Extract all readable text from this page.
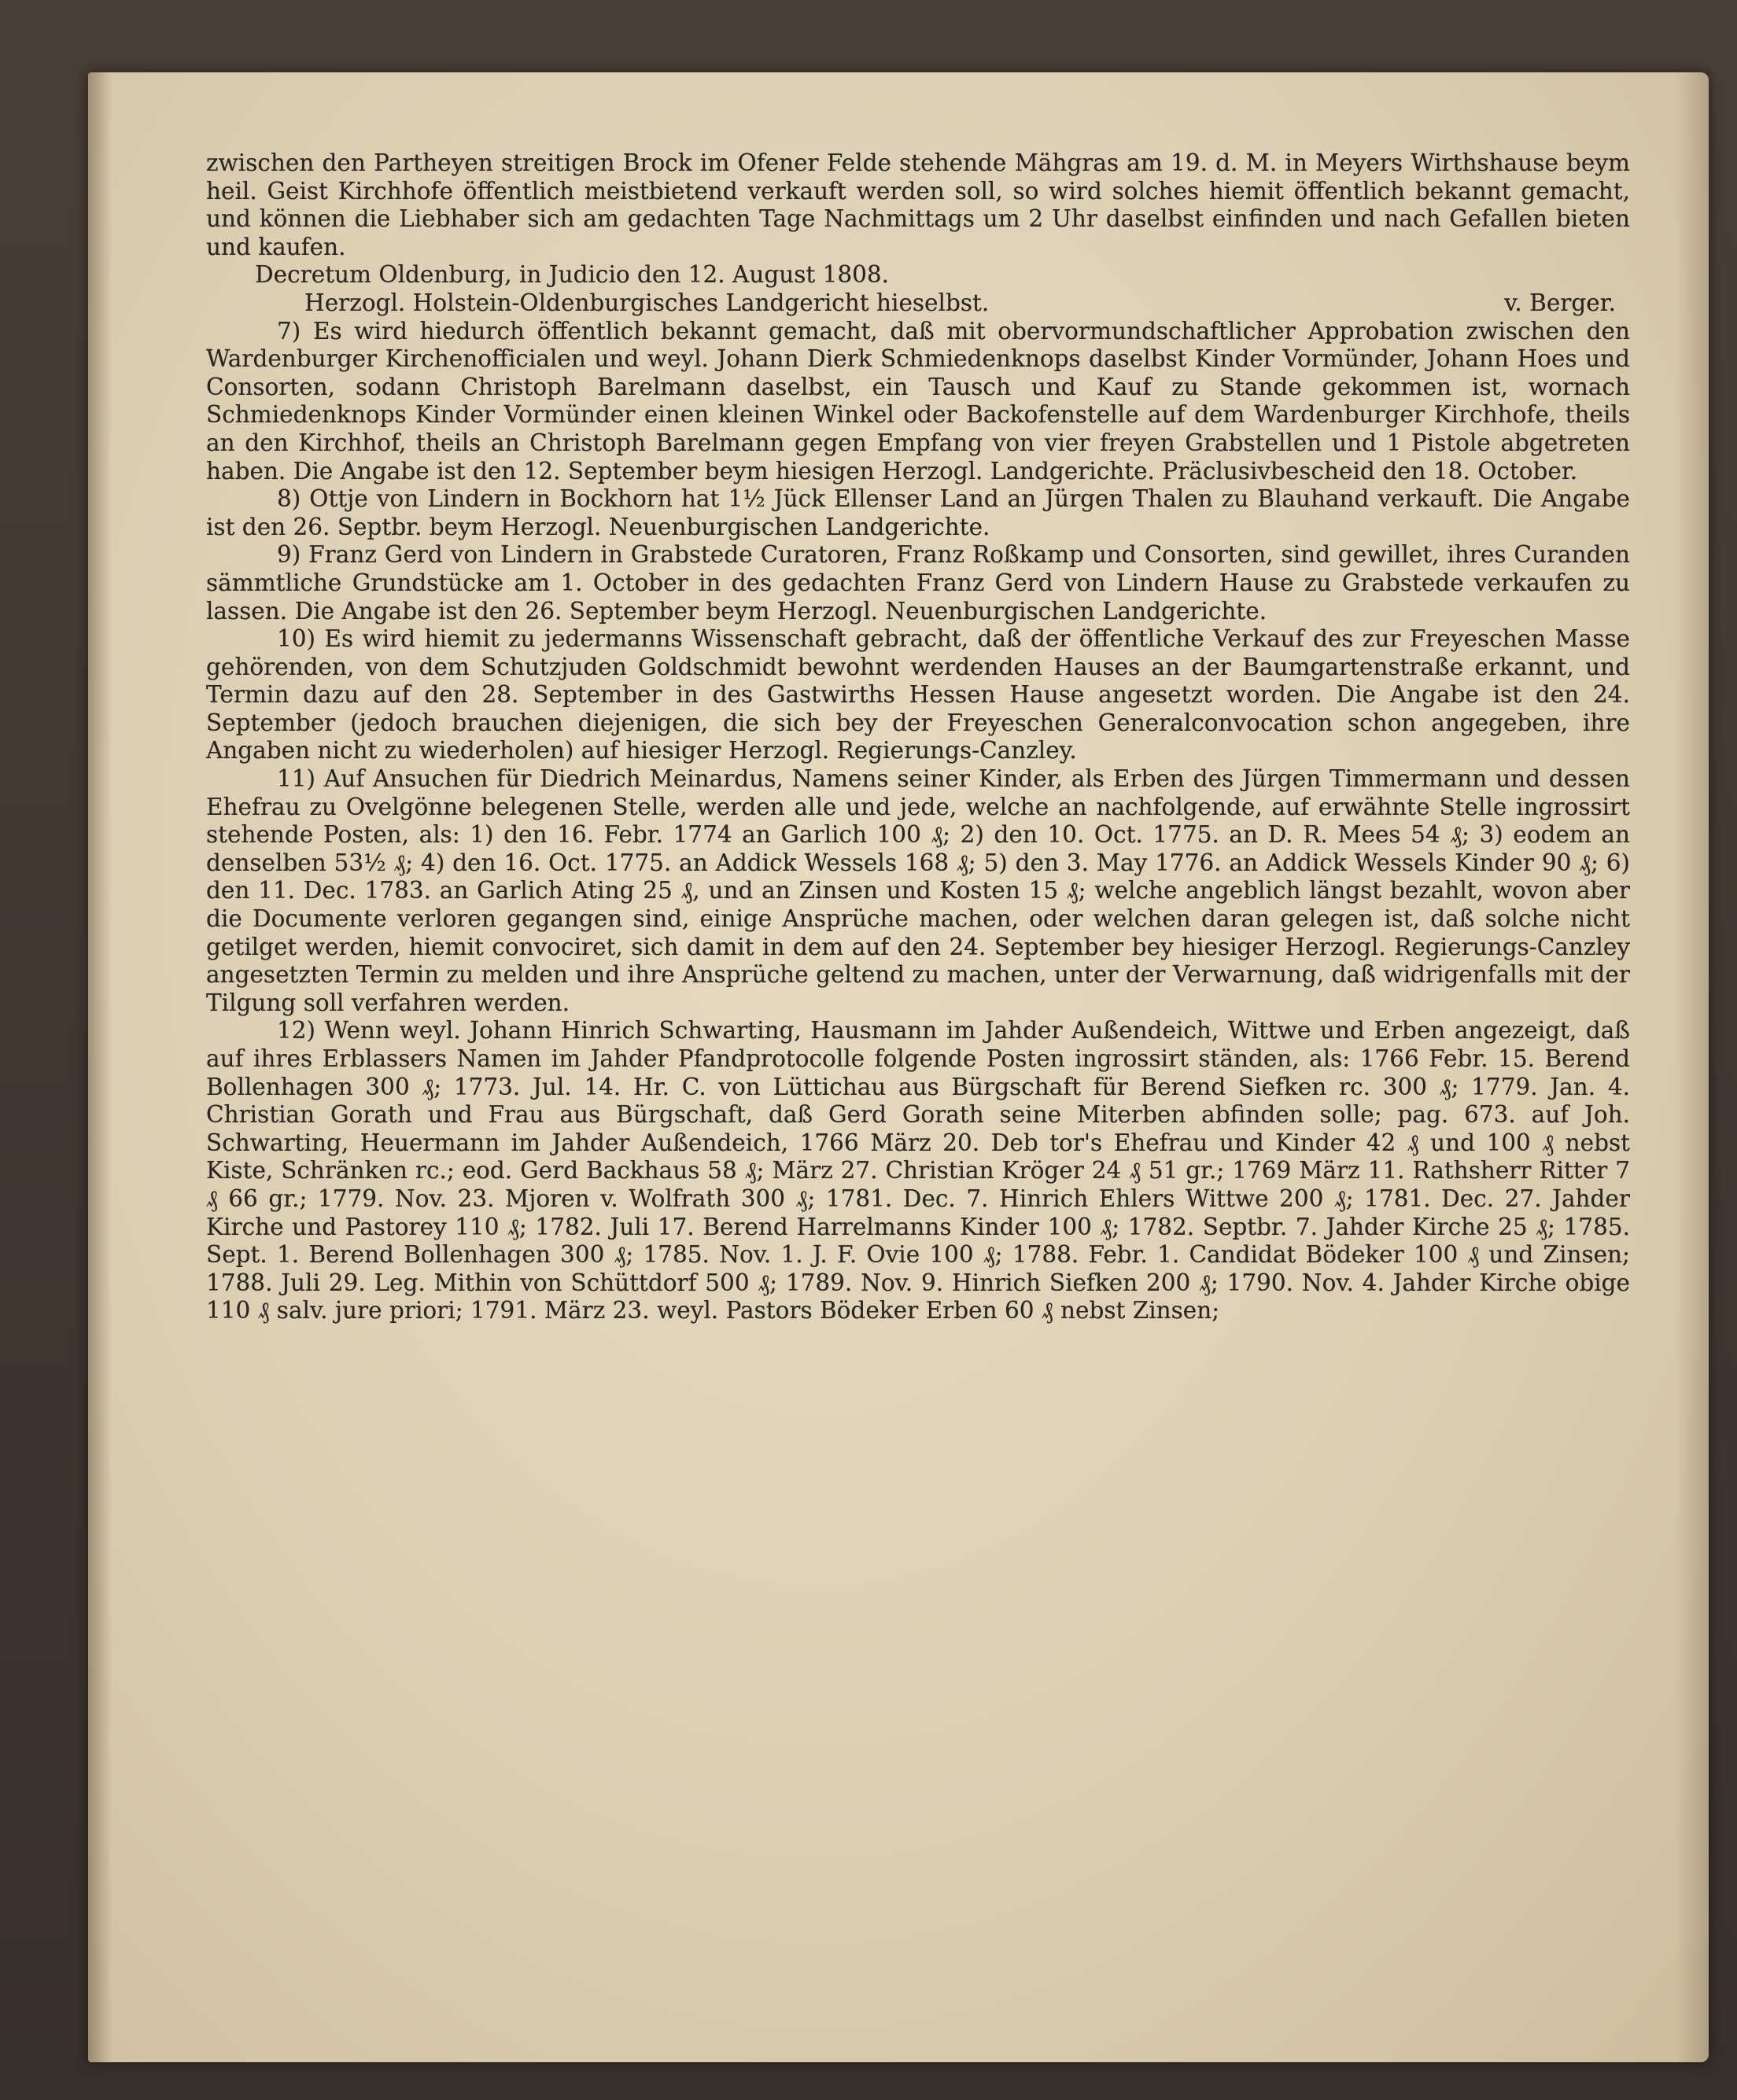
zwischen den Partheyen streitigen Brock im Ofener Felde stehende Mähgras am 19. d. M. in Meyers Wirthshause beym heil. Geist Kirchhofe öffentlich meistbietend verkauft werden soll, so wird solches hiemit öffentlich bekannt gemacht, und können die Liebhaber sich am gedachten Tage Nachmittags um 2 Uhr daselbst einfinden und nach Gefallen bieten und kaufen.

Decretum Oldenburg, in Judicio den 12. August 1808.

Herzogl. Holstein-Oldenburgisches Landgericht hieselbst.	v. Berger.

7) Es wird hiedurch öffentlich bekannt gemacht, daß mit obervormundschaftlicher Approbation zwischen den Wardenburger Kirchenofficialen und weyl. Johann Dierk Schmiedenknops daselbst Kinder Vormünder, Johann Hoes und Consorten, sodann Christoph Barelmann daselbst, ein Tausch und Kauf zu Stande gekommen ist, wornach Schmiedenknops Kinder Vormünder einen kleinen Winkel oder Backofenstelle auf dem Wardenburger Kirchhofe, theils an den Kirchhof, theils an Christoph Barelmann gegen Empfang von vier freyen Grabstellen und 1 Pistole abgetreten haben. Die Angabe ist den 12. September beym hiesigen Herzogl. Landgerichte. Präclusivbescheid den 18. October.

8) Ottje von Lindern in Bockhorn hat 1½ Jück Ellenser Land an Jürgen Thalen zu Blauhand verkauft. Die Angabe ist den 26. Septbr. beym Herzogl. Neuenburgischen Landgerichte.

9) Franz Gerd von Lindern in Grabstede Curatoren, Franz Roßkamp und Consorten, sind gewillet, ihres Curanden sämmtliche Grundstücke am 1. October in des gedachten Franz Gerd von Lindern Hause zu Grabstede verkaufen zu lassen. Die Angabe ist den 26. September beym Herzogl. Neuenburgischen Landgerichte.

10) Es wird hiemit zu jedermanns Wissenschaft gebracht, daß der öffentliche Verkauf des zur Freyeschen Masse gehörenden, von dem Schutzjuden Goldschmidt bewohnt werdenden Hauses an der Baumgartenstraße erkannt, und Termin dazu auf den 28. September in des Gastwirths Hessen Hause angesetzt worden. Die Angabe ist den 24. September (jedoch brauchen diejenigen, die sich bey der Freyeschen Generalconvocation schon angegeben, ihre Angaben nicht zu wiederholen) auf hiesiger Herzogl. Regierungs-Canzley.

11) Auf Ansuchen für Diedrich Meinardus, Namens seiner Kinder, als Erben des Jürgen Timmermann und dessen Ehefrau zu Ovelgönne belegenen Stelle, werden alle und jede, welche an nachfolgende, auf erwähnte Stelle ingrossirt stehende Posten, als: 1) den 16. Febr. 1774 an Garlich 100 ₰; 2) den 10. Oct. 1775. an D. R. Mees 54 ₰; 3) eodem an denselben 53½ ₰; 4) den 16. Oct. 1775. an Addick Wessels 168 ₰; 5) den 3. May 1776. an Addick Wessels Kinder 90 ₰; 6) den 11. Dec. 1783. an Garlich Ating 25 ₰, und an Zinsen und Kosten 15 ₰; welche angeblich längst bezahlt, wovon aber die Documente verloren gegangen sind, einige Ansprüche machen, oder welchen daran gelegen ist, daß solche nicht getilget werden, hiemit convociret, sich damit in dem auf den 24. September bey hiesiger Herzogl. Regierungs-Canzley angesetzten Termin zu melden und ihre Ansprüche geltend zu machen, unter der Verwarnung, daß widrigenfalls mit der Tilgung soll verfahren werden.

12) Wenn weyl. Johann Hinrich Schwarting, Hausmann im Jahder Außendeich, Wittwe und Erben angezeigt, daß auf ihres Erblassers Namen im Jahder Pfandprotocolle folgende Posten ingrossirt ständen, als: 1766 Febr. 15. Berend Bollenhagen 300 ₰; 1773. Jul. 14. Hr. C. von Lüttichau aus Bürgschaft für Berend Siefken rc. 300 ₰; 1779. Jan. 4. Christian Gorath und Frau aus Bürgschaft, daß Gerd Gorath seine Miterben abfinden solle; pag. 673. auf Joh. Schwarting, Heuermann im Jahder Außendeich, 1766 März 20. Deb tor's Ehefrau und Kinder 42 ₰ und 100 ₰ nebst Kiste, Schränken rc.; eod. Gerd Backhaus 58 ₰; März 27. Christian Kröger 24 ₰ 51 gr.; 1769 März 11. Rathsherr Ritter 7 ₰ 66 gr.; 1779. Nov. 23. Mjoren v. Wolfrath 300 ₰; 1781. Dec. 7. Hinrich Ehlers Wittwe 200 ₰; 1781. Dec. 27. Jahder Kirche und Pastorey 110 ₰; 1782. Juli 17. Berend Harrelmanns Kinder 100 ₰; 1782. Septbr. 7. Jahder Kirche 25 ₰; 1785. Sept. 1. Berend Bollenhagen 300 ₰; 1785. Nov. 1. J. F. Ovie 100 ₰; 1788. Febr. 1. Candidat Bödeker 100 ₰ und Zinsen; 1788. Juli 29. Leg. Mithin von Schüttdorf 500 ₰; 1789. Nov. 9. Hinrich Siefken 200 ₰; 1790. Nov. 4. Jahder Kirche obige 110 ₰ salv. jure priori; 1791. März 23. weyl. Pastors Bödeker Erben 60 ₰ nebst Zinsen;
